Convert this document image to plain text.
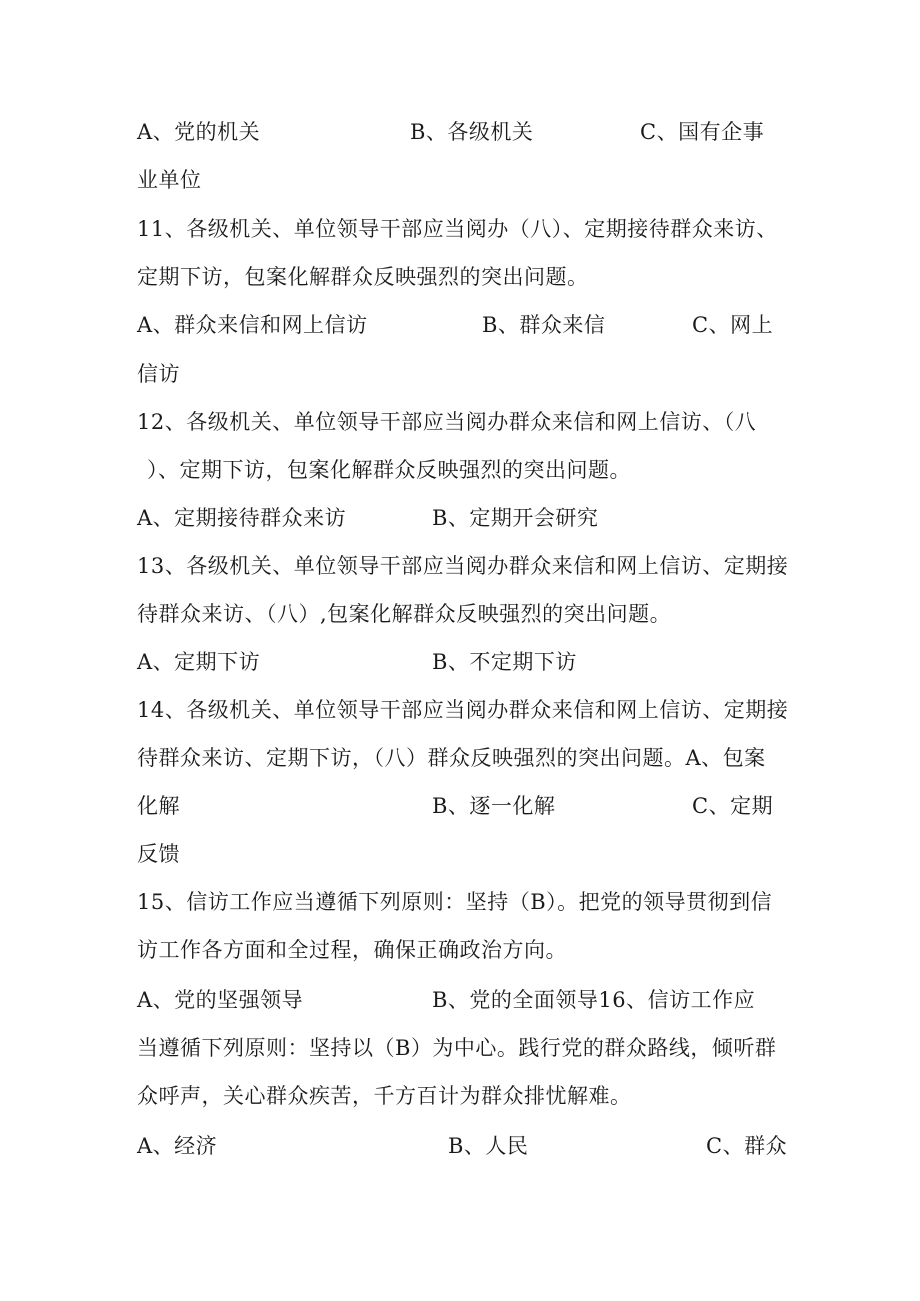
A、党的机关	B、各级机关	C、国有企事
业单位
11、各级机关、单位领导干部应当阅办（八）、定期接待群众来访、
定期下访，包案化解群众反映强烈的突出问题。
A、群众来信和网上信访	B、群众来信	C、网上
信访
12、各级机关、单位领导干部应当阅办群众来信和网上信访、（八
）、定期下访，包案化解群众反映强烈的突出问题。
A、定期接待群众来访	B、定期开会研究
13、各级机关、单位领导干部应当阅办群众来信和网上信访、定期接
待群众来访、（八）,包案化解群众反映强烈的突出问题。
A、定期下访	B、不定期下访
14、各级机关、单位领导干部应当阅办群众来信和网上信访、定期接
待群众来访、定期下访，（八）群众反映强烈的突出问题。A、包案
化解	B、逐一化解	C、定期
反馈
15、信访工作应当遵循下列原则：坚持（B）。把党的领导贯彻到信
访工作各方面和全过程，确保正确政治方向。
A、党的坚强领导	B、党的全面领导16、信访工作应
当遵循下列原则：坚持以（B）为中心。践行党的群众路线，倾听群
众呼声，关心群众疾苦，千方百计为群众排忧解难。
A、经济	B、人民	C、群众
